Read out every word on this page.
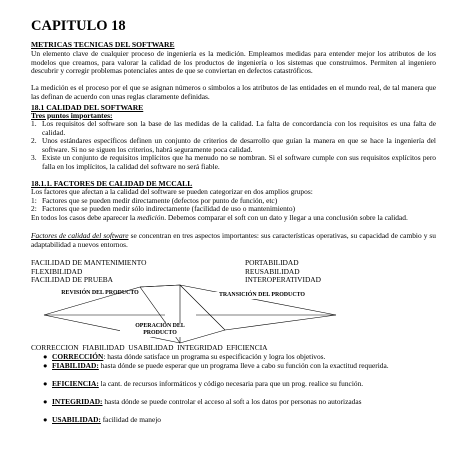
CAPITULO 18
METRICAS TECNICAS DEL SOFTWARE
Un elemento clave de cualquier proceso de ingeniería es la medición. Empleamos medidas para entender mejor los atributos de los modelos que creamos, para valorar la calidad de los productos de ingeniería o los sistemas que construimos. Permiten al ingeniero descubrir y corregir problemas potenciales antes de que se conviertan en defectos catastróficos.
La medición es el proceso por el que se asignan números o símbolos a los atributos de las entidades en el mundo real, de tal manera que las definan de acuerdo con unas reglas claramente definidas.
18.1 CALIDAD DEL SOFTWARE
Tres puntos importantes:
1. Los requisitos del software son la base de las medidas de la calidad. La falta de concordancia con los requisitos es una falta de calidad.
2. Unos estándares específicos definen un conjunto de criterios de desarrollo que guían la manera en que se hace la ingeniería del software. Si no se siguen los criterios, habrá seguramente poca calidad.
3. Existe un conjunto de requisitos implícitos que ha menudo no se nombran. Si el software cumple con sus requisitos explícitos pero falla en los implícitos, la calidad del software no será fiable.
18.1.1. FACTORES DE CALIDAD DE MCCALL
Los factores que afectan a la calidad del software se pueden categorizar en dos amplios grupos:
1: Factores que se pueden medir directamente (defectos por punto de función, etc)
2: Factores que se pueden medir sólo indirectamente (facilidad de uso o mantenimiento)
En todos los casos debe aparecer la medición. Debemos comparar el soft con un dato y llegar a una conclusión sobre la calidad.
Factores de calidad del software se concentran en tres aspectos importantes: sus características operativas, su capacidad de cambio y su adaptabilidad a nuevos entornos.
FACILIDAD DE MANTENIMIENTO	PORTABILIDAD
FLEXIBILIDAD	REUSABILIDAD
FACILIDAD DE PRUEBA	INTEROPERATIVIDAD
REVISIÓN DEL PRODUCTO	TRANSICIÓN DEL PRODUCTO
OPERACIÓN DEL
PRODUCTO
CORRECCION  FIABILIDAD  USABILIDAD  INTEGRIDAD  EFICIENCIA
● CORRECCIÓN: hasta dónde satisface un programa su especificación y logra los objetivos.
● FIABILIDAD: hasta dónde se puede esperar que un programa lleve a cabo su función con la exactitud requerida.
● EFICIENCIA: la cant. de recursos informáticos y código necesaria para que un prog. realice su función.
● INTEGRIDAD: hasta dónde se puede controlar el acceso al soft a los datos por personas no autorizadas
● USABILIDAD: facilidad de manejo
